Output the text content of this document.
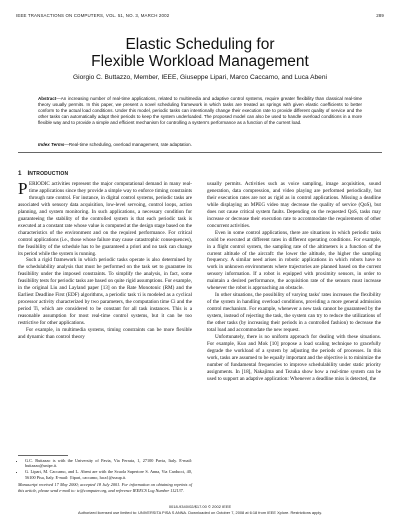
IEEE TRANSACTIONS ON COMPUTERS, VOL. 51, NO. 3, MARCH 2002	289
Elastic Scheduling for
Flexible Workload Management
Giorgio C. Buttazzo, Member, IEEE, Giuseppe Lipari, Marco Caccamo, and Luca Abeni
Abstract—An increasing number of real-time applications, related to multimedia and adaptive control systems, require greater flexibility than classical real-time theory usually permits. In this paper, we present a novel scheduling framework in which tasks are treated as springs with given elastic coefficients to better conform to the actual load conditions. Under this model, periodic tasks can intentionally change their execution rate to provide different quality of service and the other tasks can automatically adapt their periods to keep the system underloaded. The proposed model can also be used to handle overload conditions in a more flexible way and to provide a simple and efficient mechanism for controlling a system's performance as a function of the current load.
Index Terms—Real-time scheduling, overload management, rate adaptation.
1 INTRODUCTION

PERIODIC activities represent the major computational demand in many real-time applications since they provide a simple way to enforce timing constraints through rate control. For instance, in digital control systems, periodic tasks are associated with sensory data acquisition, low-level servoing, control loops, action planning, and system monitoring. In such applications, a necessary condition for guaranteeing the stability of the controlled system is that each periodic task is executed at a constant rate whose value is computed at the design stage based on the characteristics of the environment and on the required performance. For critical control applications (i.e., those whose failure may cause catastrophic consequences), the feasibility of the schedule has to be guaranteed a priori and no task can change its period while the system is running.

Such a rigid framework in which periodic tasks operate is also determined by the schedulability analysis that must be performed on the task set to guarantee its feasibility under the imposed constraints. To simplify the analysis, in fact, some feasibility tests for periodic tasks are based on quite rigid assumptions. For example, in the original Liu and Layland paper [13] on the Rate Monotonic (RM) and the Earliest Deadline First (EDF) algorithms, a periodic task τi is modeled as a cyclical processor activity characterized by two parameters, the computation time Ci and the period Ti, which are considered to be constant for all task instances. This is a reasonable assumption for most real-time control systems, but it can be too restrictive for other applications.

For example, in multimedia systems, timing constraints can be more flexible and dynamic than control theory

usually permits. Activities such as voice sampling, image acquisition, sound generation, data compression, and video playing are performed periodically, but their execution rates are not as rigid as in control applications. Missing a deadline while displaying an MPEG video may decrease the quality of service (QoS), but does not cause critical system faults. Depending on the requested QoS, tasks may increase or decrease their execution rate to accommodate the requirements of other concurrent activities.

Even in some control applications, there are situations in which periodic tasks could be executed at different rates in different operating conditions. For example, in a flight control system, the sampling rate of the altimeters is a function of the current altitude of the aircraft: the lower the altitude, the higher the sampling frequency. A similar need arises in robotic applications in which robots have to work in unknown environments where trajectories are planned based on the current sensory information. If a robot is equipped with proximity sensors, in order to maintain a desired performance, the acquisition rate of the sensors must increase whenever the robot is approaching an obstacle.

In other situations, the possibility of varying tasks' rates increases the flexibility of the system in handling overload conditions, providing a more general admission control mechanism. For example, whenever a new task cannot be guaranteed by the system, instead of rejecting the task, the system can try to reduce the utilizations of the other tasks (by increasing their periods in a controlled fashion) to decrease the total load and accommodate the new request.

Unfortunately, there is no uniform approach for dealing with these situations. For example, Kuo and Mok [10] propose a load scaling technique to gracefully degrade the workload of a system by adjusting the periods of processes. In this work, tasks are assumed to be equally important and the objective is to minimize the number of fundamental frequencies to improve schedulability under static priority assignments. In [18], Nakajima and Tezuka show how a real-time system can be used to support an adaptive application: Whenever a deadline miss is detected, the

• G.C. Buttazzo is with the University of Pavia, Via Ferrata, 1, 27100 Pavia, Italy. E-mail: buttazzo@unipv.it.
• G. Lipari, M. Caccamo, and L. Abeni are with the Scuola Superiore S. Anna, Via Carducci, 40, 56100 Pisa, Italy. E-mail: {lipari, caccamo, luca}@sssup.it.
Manuscript received 17 May 2000; accepted 18 July 2001. For information on obtaining reprints of this article, please send e-mail to: tc@computer.org, and reference IEEECS Log Number 112137.
0018-9340/02/$17.00 © 2002 IEEE
Authorized licensed use limited to: UNIVERSITA PISA S ANNA. Downloaded on October 7, 2008 at 6:18 from IEEE Xplore. Restrictions apply.
